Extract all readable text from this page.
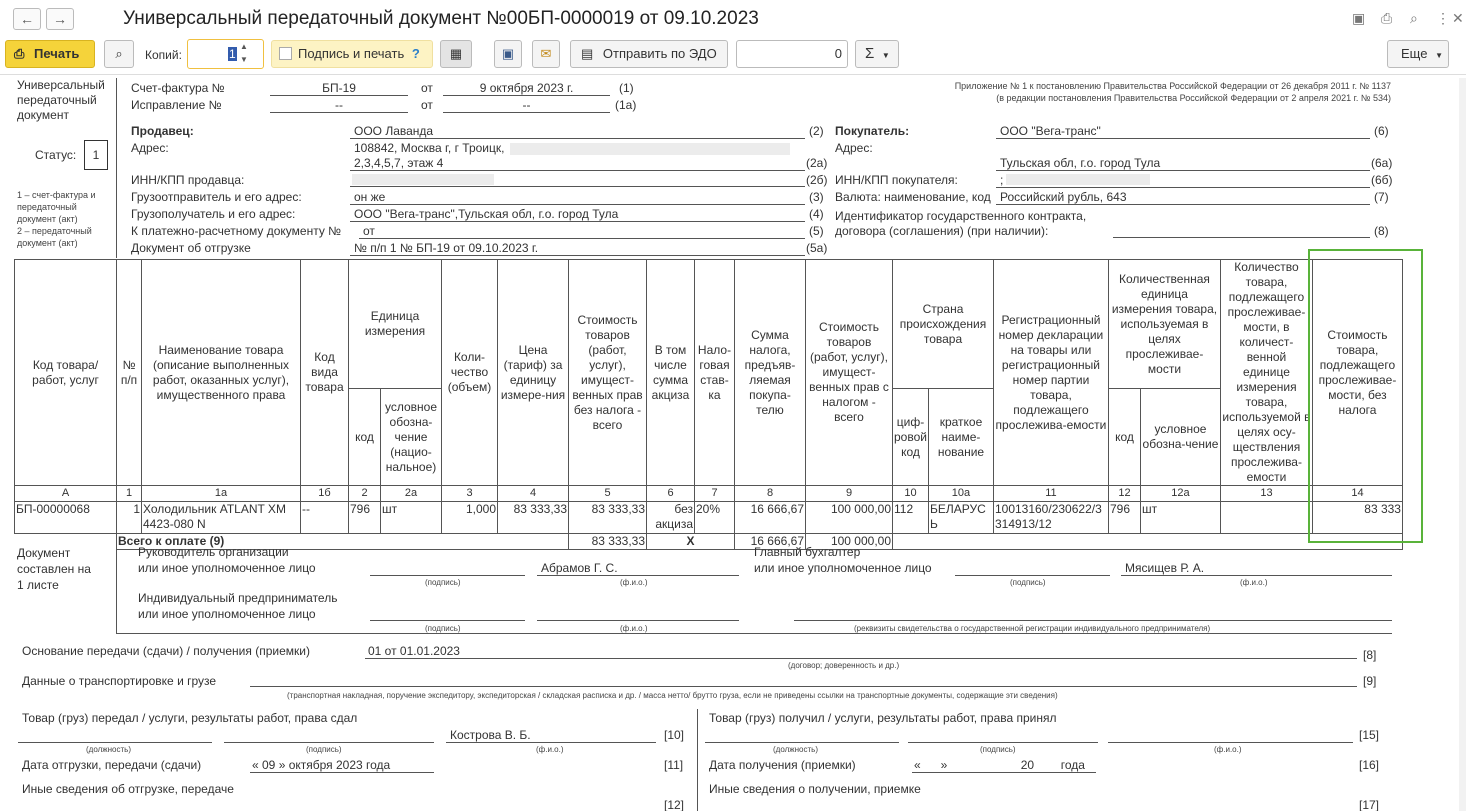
←	→	Универсальный передаточный документ №00БП-0000019 от 09.10.2023	▣ ⎙ ⌕ ⋮ ✕
⎙ Печать	⌕	Копий:	1
▲
▼	Подпись и печать ?	▦	▣	✉	▤ Отправить по ЭДО	0	Σ ▼	Еще ▼
Универсальный
передаточный
документ
Статус:	1
1 – счет-фактура и
передаточный
документ (акт)
2 – передаточный
документ (акт)
Счет-фактура №	БП-19	от	9 октября 2023 г.	(1)
Исправление №	--	от	--	(1а)
Приложение № 1 к постановлению Правительства Российской Федерации от 26 декабря 2011 г. № 1137
(в редакции постановления Правительства Российской Федерации от 2 апреля 2021 г. № 534)
Продавец:	ООО Лаванда	(2)
Адрес:	108842, Москва г, г Троицк,
2,3,4,5,7, этаж 4	(2а)
ИНН/КПП продавца:	(2б)
Грузоотправитель и его адрес:	он же	(3)
Грузополучатель и его адрес:	ООО "Вега-транс",Тульская обл, г.о. город Тула	(4)
К платежно-расчетному документу №	от	(5)
Документ об отгрузке	№ п/п 1 № БП-19 от 09.10.2023 г.	(5а)
Покупатель:	ООО "Вега-транс"	(6)
Адрес:
Тульская обл, г.о. город Тула	(6а)
ИНН/КПП покупателя:	;	(6б)
Валюта: наименование, код Российский рубль, 643	(7)
Идентификатор государственного контракта,
договора (соглашения) (при наличии):	(8)
Код товара/ работ, услуг	№ п/п	Наименование товара (описание выполненных работ, оказанных услуг), имущественного права	Код вида товара	Единица измерения		Коли-чество (объем)	Цена (тариф) за единицу измере-ния	Стоимость товаров (работ, услуг), имущест-венных прав без налога - всего	В том числе сумма акциза	Нало-говая став-ка	Сумма налога, предъяв-ляемая покупа-телю	Стоимость товаров (работ, услуг), имущест-венных прав с налогом - всего	Страна происхождения товара		Регистрационный номер декларации на товары или регистрационный номер партии товара, подлежащего прослежива-емости	Количественная единица измерения товара, используемая в целях прослеживае-мости		Количество товара, подлежащего прослеживае-мости, в количест-венной единице измерения товара, используемой в целях осу-ществления прослежива-емости	Стоимость товара, подлежащего прослеживае-мости, без налога
				код	условное обозна-чение (нацио-нальное)								циф-ровой код	краткое наиме-нование		код	условное обозна-чение		
А	1	1а	1б	2	2а	3	4	5	6	7	8	9	10	10а	11	12	12а	13	14
БП-00000068	1	Холодильник ATLANT ХМ 4423-080 N	--	796	шт	1,000	83 333,33	83 333,33	без акциза	20%	16 666,67	100 000,00	112	БЕЛАРУСЬ	10013160/230622/3314913/12	796	шт		83 333
	Всего к оплате (9)							83 333,33	Х		16 666,67	100 000,00							
Документ
составлен на
1 листе
Руководитель организации
или иное уполномоченное лицо
(подпись)
Абрамов Г. С.
(ф.и.о.)
Главный бухгалтер
или иное уполномоченное лицо
(подпись)
Мясищев Р. А.
(ф.и.о.)
Индивидуальный предприниматель
или иное уполномоченное лицо
(подпись)	(ф.и.о.)	(реквизиты свидетельства о государственной регистрации индивидуального предпринимателя)
Основание передачи (сдачи) / получения (приемки)	01 от 01.01.2023
(договор; доверенность и др.)
[8]
Данные о транспортировке и грузе
(транспортная накладная, поручение экспедитору, экспедиторская / складская расписка и др. / масса нетто/ брутто груза, если не приведены ссылки на транспортные документы, содержащие эти сведения)
[9]
Товар (груз) передал / услуги, результаты работ, права сдал
(должность)	(подпись)
Кострова В. Б.
(ф.и.о.)
[10]
Дата отгрузки, передачи (сдачи)	« 09 » октября 2023 года	[11]
Иные сведения об отгрузке, передаче
[12]
Товар (груз) получил / услуги, результаты работ, права принял
(должность)	(подпись)	(ф.и.о.)
[15]
Дата получения (приемки)	«      »                      20        года	[16]
Иные сведения о получении, приемке
[17]
